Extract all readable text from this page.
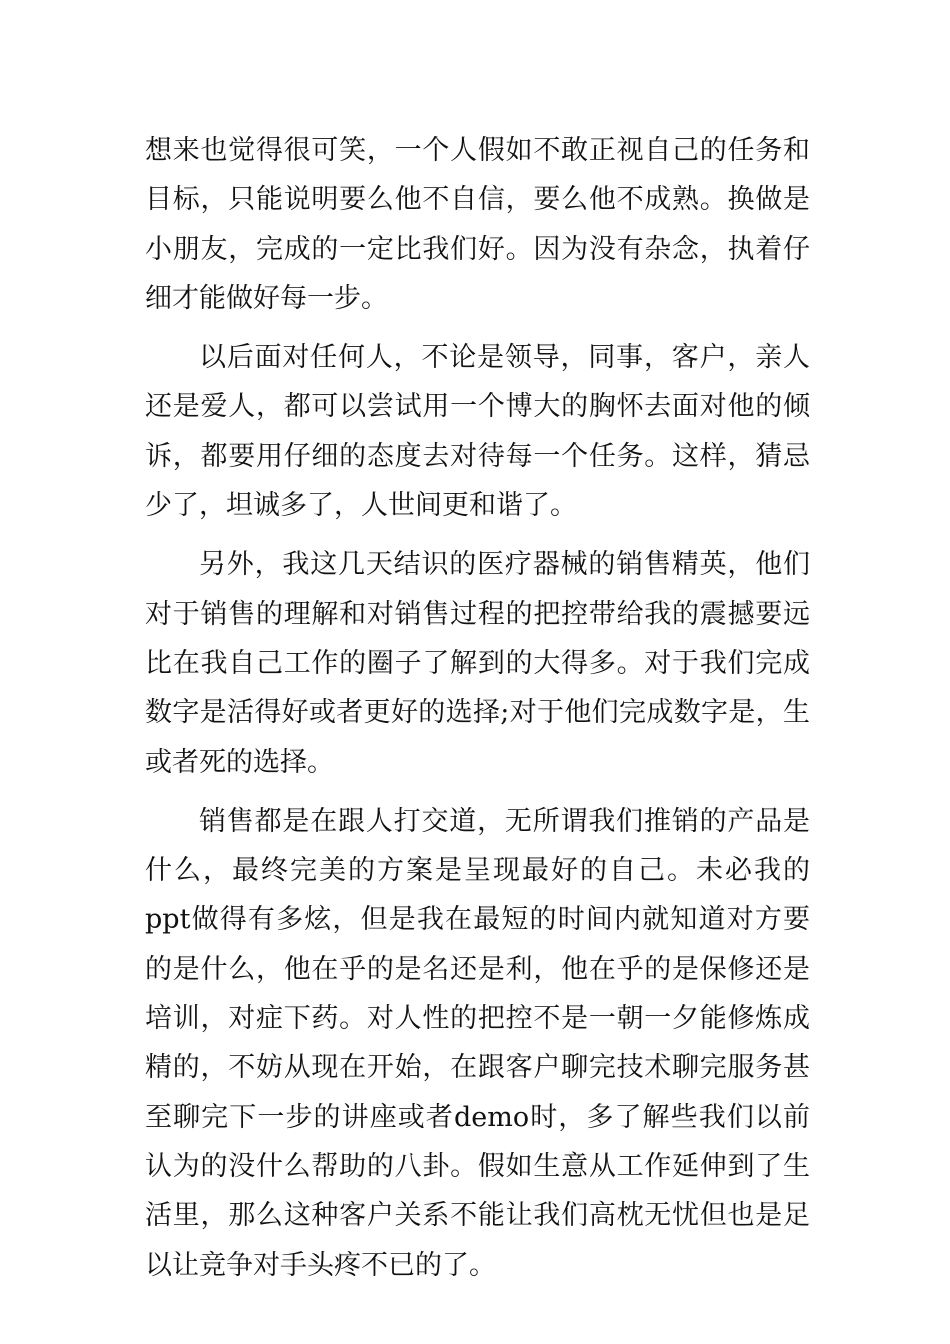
想来也觉得很可笑，一个人假如不敢正视自己的任务和目标，只能说明要么他不自信，要么他不成熟。换做是小朋友，完成的一定比我们好。因为没有杂念，执着仔细才能做好每一步。

以后面对任何人，不论是领导，同事，客户，亲人还是爱人，都可以尝试用一个博大的胸怀去面对他的倾诉，都要用仔细的态度去对待每一个任务。这样，猜忌少了，坦诚多了，人世间更和谐了。

另外，我这几天结识的医疗器械的销售精英，他们对于销售的理解和对销售过程的把控带给我的震撼要远比在我自己工作的圈子了解到的大得多。对于我们完成数字是活得好或者更好的选择;对于他们完成数字是，生或者死的选择。

销售都是在跟人打交道，无所谓我们推销的产品是什么，最终完美的方案是呈现最好的自己。未必我的ppt做得有多炫，但是我在最短的时间内就知道对方要的是什么，他在乎的是名还是利，他在乎的是保修还是培训，对症下药。对人性的把控不是一朝一夕能修炼成精的，不妨从现在开始，在跟客户聊完技术聊完服务甚至聊完下一步的讲座或者demo时，多了解些我们以前认为的没什么帮助的八卦。假如生意从工作延伸到了生活里，那么这种客户关系不能让我们高枕无忧但也是足以让竞争对手头疼不已的了。
